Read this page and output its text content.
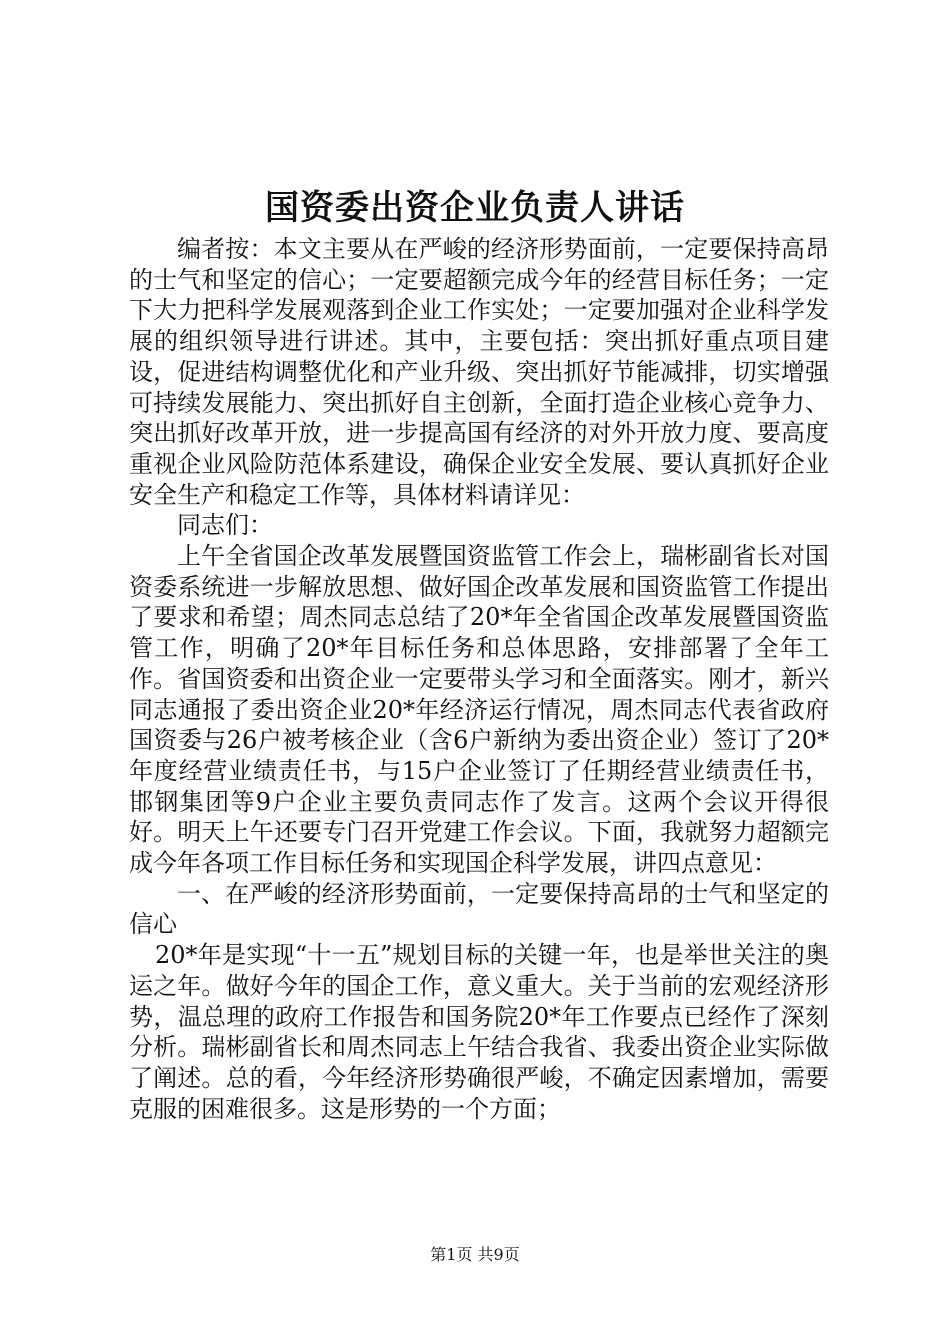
国资委出资企业负责人讲话

编者按：本文主要从在严峻的经济形势面前，一定要保持高昂的士气和坚定的信心；一定要超额完成今年的经营目标任务；一定下大力把科学发展观落到企业工作实处；一定要加强对企业科学发展的组织领导进行讲述。其中，主要包括：突出抓好重点项目建设，促进结构调整优化和产业升级、突出抓好节能减排，切实增强可持续发展能力、突出抓好自主创新，全面打造企业核心竞争力、突出抓好改革开放，进一步提高国有经济的对外开放力度、要高度重视企业风险防范体系建设，确保企业安全发展、要认真抓好企业安全生产和稳定工作等，具体材料请详见：

同志们：

上午全省国企改革发展暨国资监管工作会上，瑞彬副省长对国资委系统进一步解放思想、做好国企改革发展和国资监管工作提出了要求和希望；周杰同志总结了20*年全省国企改革发展暨国资监管工作，明确了20*年目标任务和总体思路，安排部署了全年工作。省国资委和出资企业一定要带头学习和全面落实。刚才，新兴同志通报了委出资企业20*年经济运行情况，周杰同志代表省政府国资委与26户被考核企业（含6户新纳为委出资企业）签订了20*年度经营业绩责任书，与15户企业签订了任期经营业绩责任书，邯钢集团等9户企业主要负责同志作了发言。这两个会议开得很好。明天上午还要专门召开党建工作会议。下面，我就努力超额完成今年各项工作目标任务和实现国企科学发展，讲四点意见：

一、在严峻的经济形势面前，一定要保持高昂的士气和坚定的信心

20*年是实现“十一五”规划目标的关键一年，也是举世关注的奥运之年。做好今年的国企工作，意义重大。关于当前的宏观经济形势，温总理的政府工作报告和国务院20*年工作要点已经作了深刻分析。瑞彬副省长和周杰同志上午结合我省、我委出资企业实际做了阐述。总的看，今年经济形势确很严峻，不确定因素增加，需要克服的困难很多。这是形势的一个方面；

第1页 共9页
